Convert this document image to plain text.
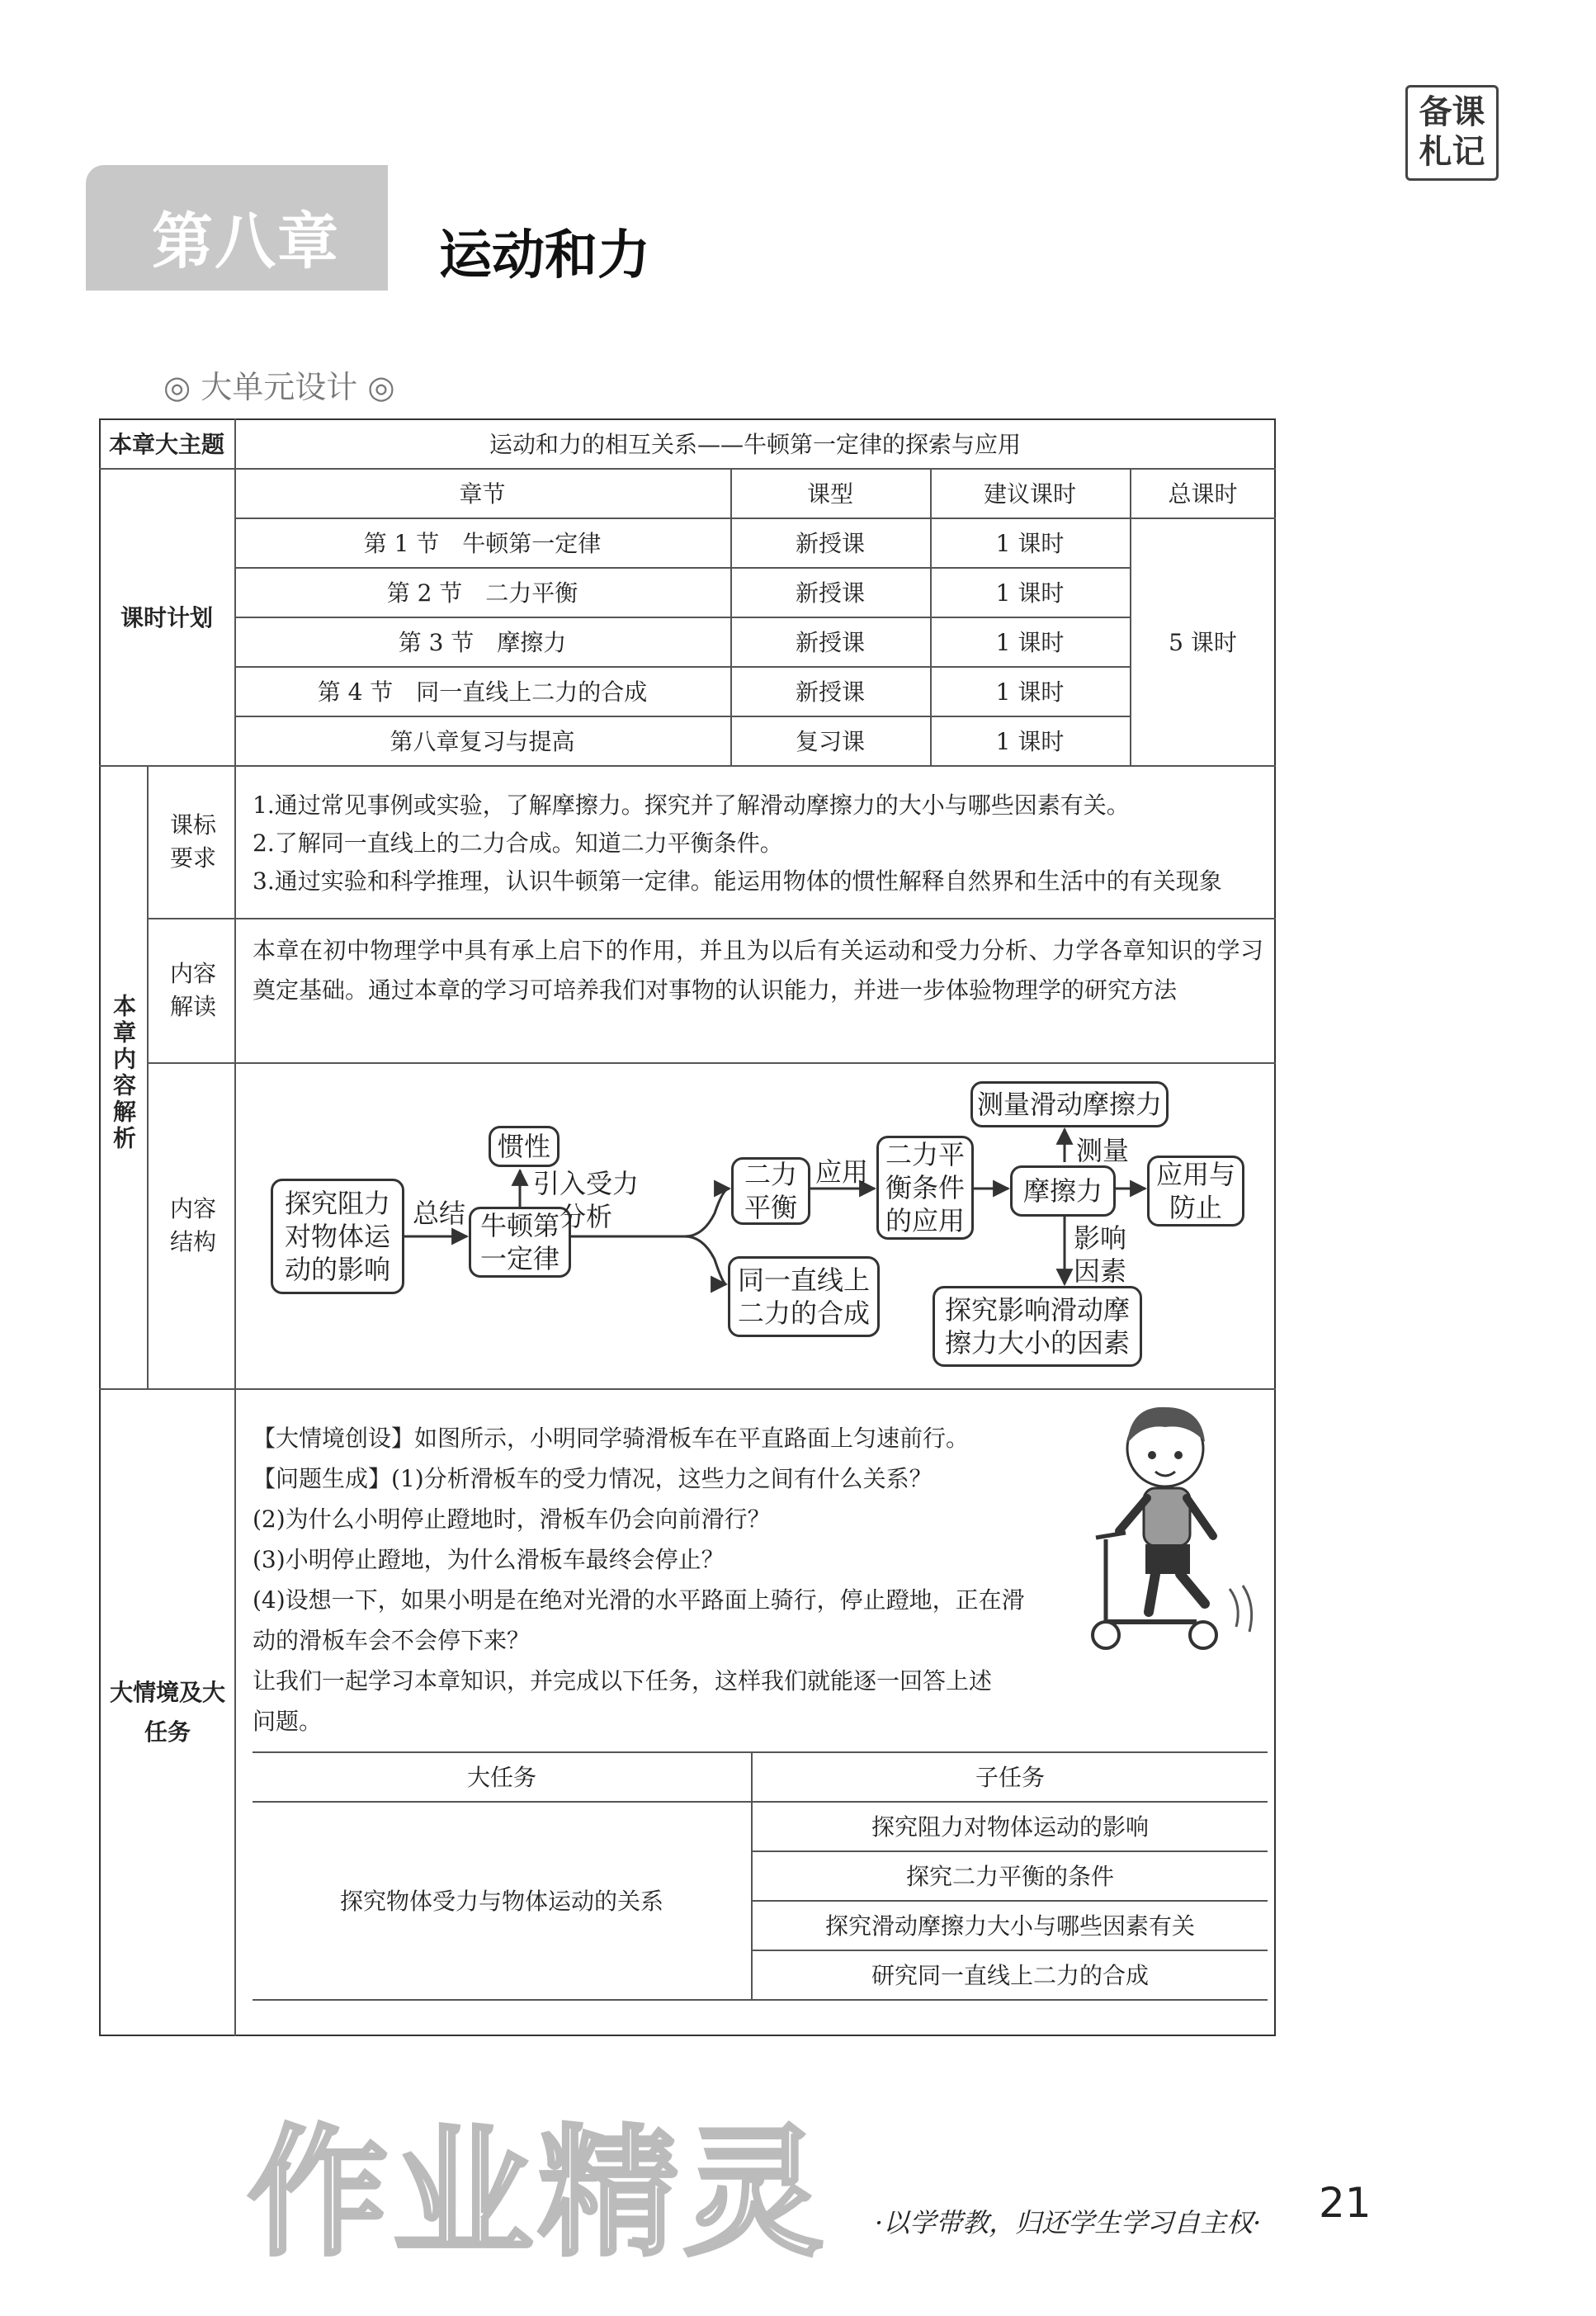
备课
札记
第八章 运动和力
◎ 大单元设计 ◎
本章大主题	运动和力的相互关系——牛顿第一定律的探索与应用
课时计划
章节	课型	建议课时	总课时
第 1 节　牛顿第一定律	新授课	1 课时
第 2 节　二力平衡	新授课	1 课时
第 3 节　摩擦力	新授课	1 课时
第 4 节　同一直线上二力的合成	新授课	1 课时
第八章复习与提高	复习课	1 课时
5 课时
本章内容解析
课标要求
1.通过常见事例或实验，了解摩擦力。探究并了解滑动摩擦力的大小与哪些因素有关。
2.了解同一直线上的二力合成。知道二力平衡条件。
3.通过实验和科学推理，认识牛顿第一定律。能运用物体的惯性解释自然界和生活中的有关现象
内容解读
本章在初中物理学中具有承上启下的作用，并且为以后有关运动和受力分析、力学各章知识的学习奠定基础。通过本章的学习可培养我们对事物的认识能力，并进一步体验物理学的研究方法
内容结构
探究阻力对物体运动的影响
牛顿第一定律
惯性
二力平衡
同一直线上二力的合成
二力平衡条件的应用
摩擦力
测量滑动摩擦力
应用与防止
探究影响滑动摩擦力大小的因素
总结
引入受力分析
应用
测量
影响因素
大情境及大任务
【大情境创设】如图所示，小明同学骑滑板车在平直路面上匀速前行。
【问题生成】(1)分析滑板车的受力情况，这些力之间有什么关系？
(2)为什么小明停止蹬地时，滑板车仍会向前滑行？
(3)小明停止蹬地，为什么滑板车最终会停止？
(4)设想一下，如果小明是在绝对光滑的水平路面上骑行，停止蹬地，正在滑
动的滑板车会不会停下来？
让我们一起学习本章知识，并完成以下任务，这样我们就能逐一回答上述
问题。
大任务	子任务
探究物体受力与物体运动的关系
探究阻力对物体运动的影响
探究二力平衡的条件
探究滑动摩擦力大小与哪些因素有关
研究同一直线上二力的合成
作业精灵 ·以学带教，归还学生学习自主权· 21
